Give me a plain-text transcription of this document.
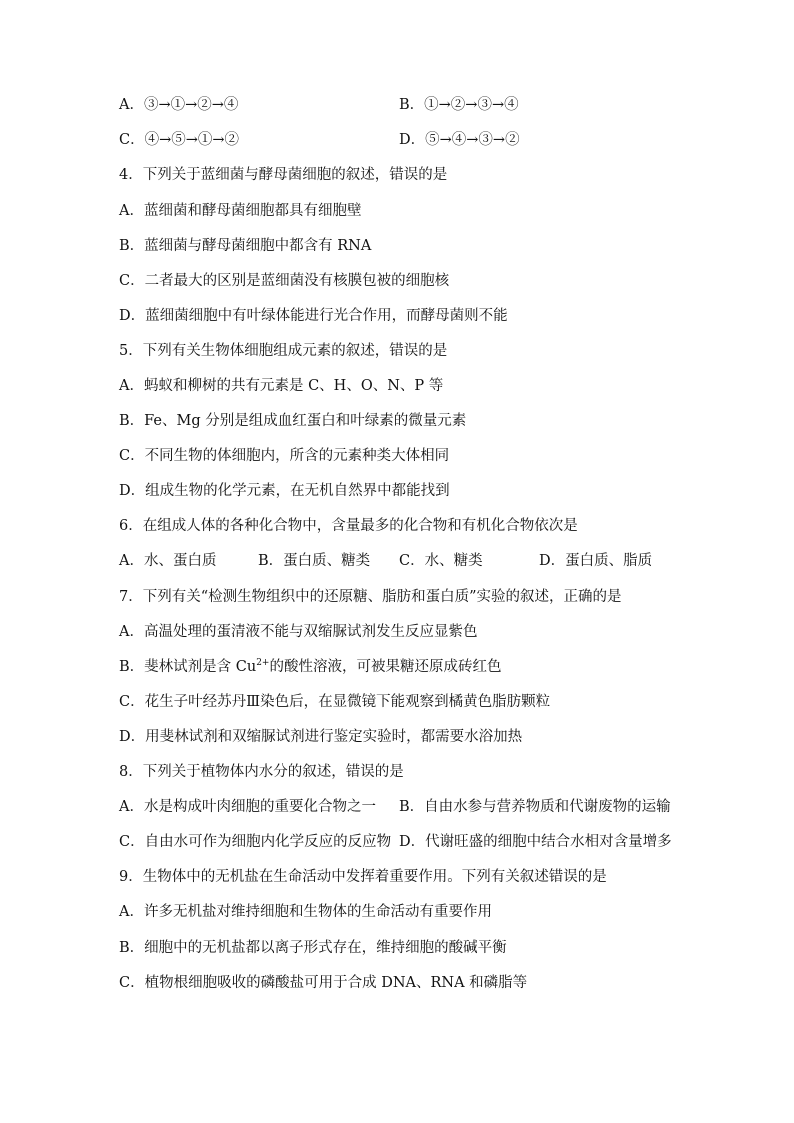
A．③→①→②→④	B．①→②→③→④
C．④→⑤→①→②	D．⑤→④→③→②
4．下列关于蓝细菌与酵母菌细胞的叙述，错误的是
A．蓝细菌和酵母菌细胞都具有细胞壁
B．蓝细菌与酵母菌细胞中都含有 RNA
C．二者最大的区别是蓝细菌没有核膜包被的细胞核
D．蓝细菌细胞中有叶绿体能进行光合作用，而酵母菌则不能
5．下列有关生物体细胞组成元素的叙述，错误的是
A．蚂蚁和柳树的共有元素是 C、H、O、N、P 等
B．Fe、Mg 分别是组成血红蛋白和叶绿素的微量元素
C．不同生物的体细胞内，所含的元素种类大体相同
D．组成生物的化学元素，在无机自然界中都能找到
6．在组成人体的各种化合物中，含量最多的化合物和有机化合物依次是
A．水、蛋白质	B．蛋白质、糖类 C．水、糖类	D．蛋白质、脂质
7．下列有关“检测生物组织中的还原糖、脂肪和蛋白质”实验的叙述，正确的是
A．高温处理的蛋清液不能与双缩脲试剂发生反应显紫色
B．斐林试剂是含 $Cu^{2+}$的酸性溶液，可被果糖还原成砖红色
C．花生子叶经苏丹Ⅲ染色后，在显微镜下能观察到橘黄色脂肪颗粒
D．用斐林试剂和双缩脲试剂进行鉴定实验时，都需要水浴加热
8．下列关于植物体内水分的叙述，错误的是
A．水是构成叶肉细胞的重要化合物之一 B．自由水参与营养物质和代谢废物的运输
C．自由水可作为细胞内化学反应的反应物 D．代谢旺盛的细胞中结合水相对含量增多
9．生物体中的无机盐在生命活动中发挥着重要作用。下列有关叙述错误的是
A．许多无机盐对维持细胞和生物体的生命活动有重要作用
B．细胞中的无机盐都以离子形式存在，维持细胞的酸碱平衡
C．植物根细胞吸收的磷酸盐可用于合成 DNA、RNA 和磷脂等
